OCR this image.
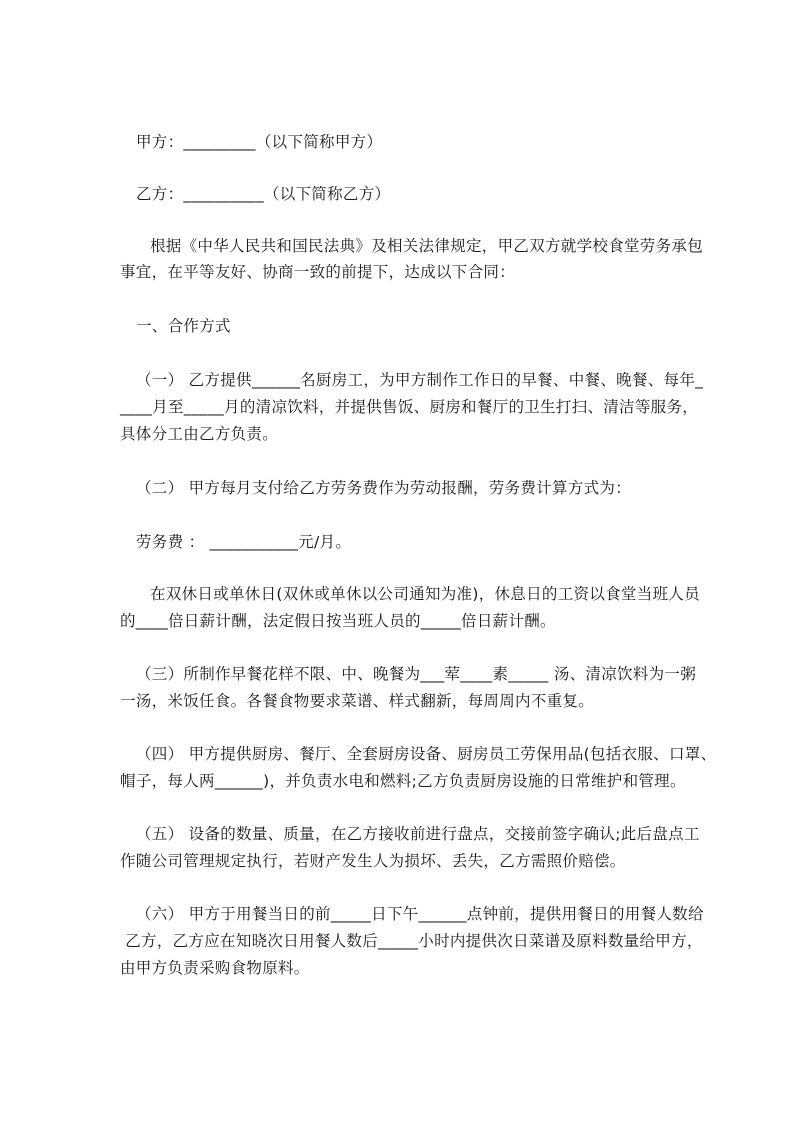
甲方：_________（以下简称甲方）
乙方：__________（以下简称乙方）
根据《中华人民共和国民法典》及相关法律规定，甲乙双方就学校食堂劳务承包
事宜，在平等友好、协商一致的前提下，达成以下合同：
一、合作方式
（一） 乙方提供______名厨房工，为甲方制作工作日的早餐、中餐、晚餐、每年_
____月至_____月的清凉饮料，并提供售饭、厨房和餐厅的卫生打扫、清洁等服务，
具体分工由乙方负责。
（二） 甲方每月支付给乙方劳务费作为劳动报酬，劳务费计算方式为：
劳务费 ： ___________元/月。
在双休日或单休日(双休或单休以公司通知为准)，休息日的工资以食堂当班人员
的____倍日薪计酬，法定假日按当班人员的_____倍日薪计酬。
（三）所制作早餐花样不限、中、晚餐为___荤____素_____ 汤、清凉饮料为一粥
一汤，米饭任食。各餐食物要求菜谱、样式翻新，每周周内不重复。
（四） 甲方提供厨房、餐厅、全套厨房设备、厨房员工劳保用品(包括衣服、口罩、
帽子，每人两______)，并负责水电和燃料;乙方负责厨房设施的日常维护和管理。
（五） 设备的数量、质量，在乙方接收前进行盘点，交接前签字确认;此后盘点工
作随公司管理规定执行，若财产发生人为损坏、丢失，乙方需照价赔偿。
（六） 甲方于用餐当日的前_____日下午______点钟前，提供用餐日的用餐人数给
乙方，乙方应在知晓次日用餐人数后_____小时内提供次日菜谱及原料数量给甲方，
由甲方负责采购食物原料。
